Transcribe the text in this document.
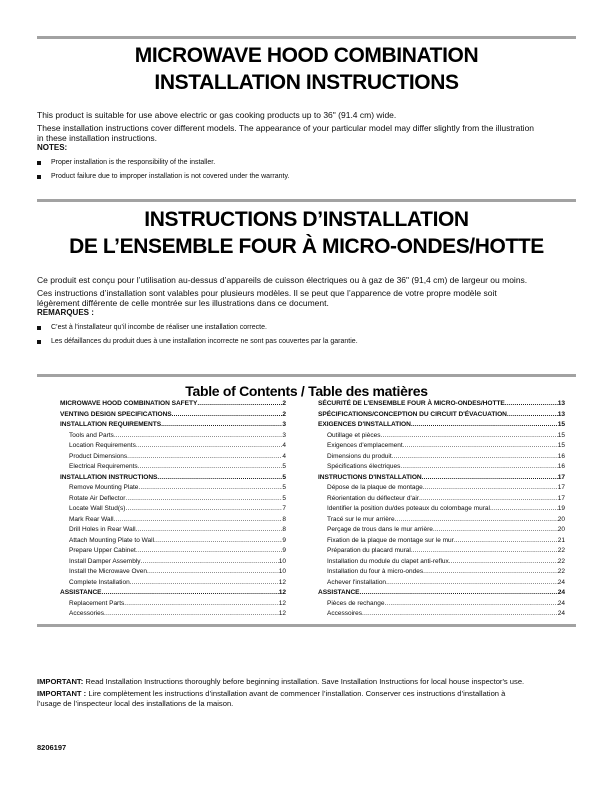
MICROWAVE HOOD COMBINATION
INSTALLATION INSTRUCTIONS

This product is suitable for use above electric or gas cooking products up to 36" (91.4 cm) wide.

These installation instructions cover different models. The appearance of your particular model may differ slightly from the illustration in these installation instructions.

NOTES:
Proper installation is the responsibility of the installer.
Product failure due to improper installation is not covered under the warranty.
INSTRUCTIONS D’INSTALLATION
DE L’ENSEMBLE FOUR À MICRO-ONDES/HOTTE

Ce produit est conçu pour l’utilisation au-dessus d’appareils de cuisson électriques ou à gaz de 36" (91,4 cm) de largeur ou moins.

Ces instructions d’installation sont valables pour plusieurs modèles. Il se peut que l’apparence de votre propre modèle soit légèrement différente de celle montrée sur les illustrations dans ce document.

REMARQUES :
C’est à l’installateur qu’il incombe de réaliser une installation correcte.
Les défaillances du produit dues à une installation incorrecte ne sont pas couvertes par la garantie.
Table of Contents / Table des matières
MICROWAVE HOOD COMBINATION SAFETY .....	2
VENTING DESIGN SPECIFICATIONS .....	2
INSTALLATION REQUIREMENTS .....	3
Tools and Parts .....	3
Location Requirements .....	4
Product Dimensions .....	4
Electrical Requirements .....	5
INSTALLATION INSTRUCTIONS .....	5
Remove Mounting Plate .....	5
Rotate Air Deflector .....	5
Locate Wall Stud(s) .....	7
Mark Rear Wall .....	8
Drill Holes in Rear Wall .....	8
Attach Mounting Plate to Wall .....	9
Prepare Upper Cabinet .....	9
Install Damper Assembly .....	10
Install the Microwave Oven .....	10
Complete Installation .....	12
ASSISTANCE .....	12
Replacement Parts .....	12
Accessories .....	12
SÉCURITÉ DE L'ENSEMBLE FOUR À MICRO-ONDES/HOTTE .....	13
SPÉCIFICATIONS/CONCEPTION DU CIRCUIT D'ÉVACUATION .....	13
EXIGENCES D'INSTALLATION .....	15
Outillage et pièces .....	15
Exigences d'emplacement .....	15
Dimensions du produit .....	16
Spécifications électriques .....	16
INSTRUCTIONS D'INSTALLATION .....	17
Dépose de la plaque de montage .....	17
Réorientation du déflecteur d'air .....	17
Identifier la position du/des poteaux du colombage mural .....	19
Tracé sur le mur arrière .....	20
Perçage de trous dans le mur arrière .....	20
Fixation de la plaque de montage sur le mur .....	21
Préparation du placard mural .....	22
Installation du module du clapet anti-reflux .....	22
Installation du four à micro-ondes .....	22
Achever l'installation .....	24
ASSISTANCE .....	24
Pièces de rechange .....	24
Accessoires .....	24

IMPORTANT: Read Installation Instructions thoroughly before beginning installation. Save Installation Instructions for local house inspector's use.

IMPORTANT : Lire complètement les instructions d’installation avant de commencer l’installation. Conserver ces instructions d’installation à l’usage de l’inspecteur local des installations de la maison.

8206197
